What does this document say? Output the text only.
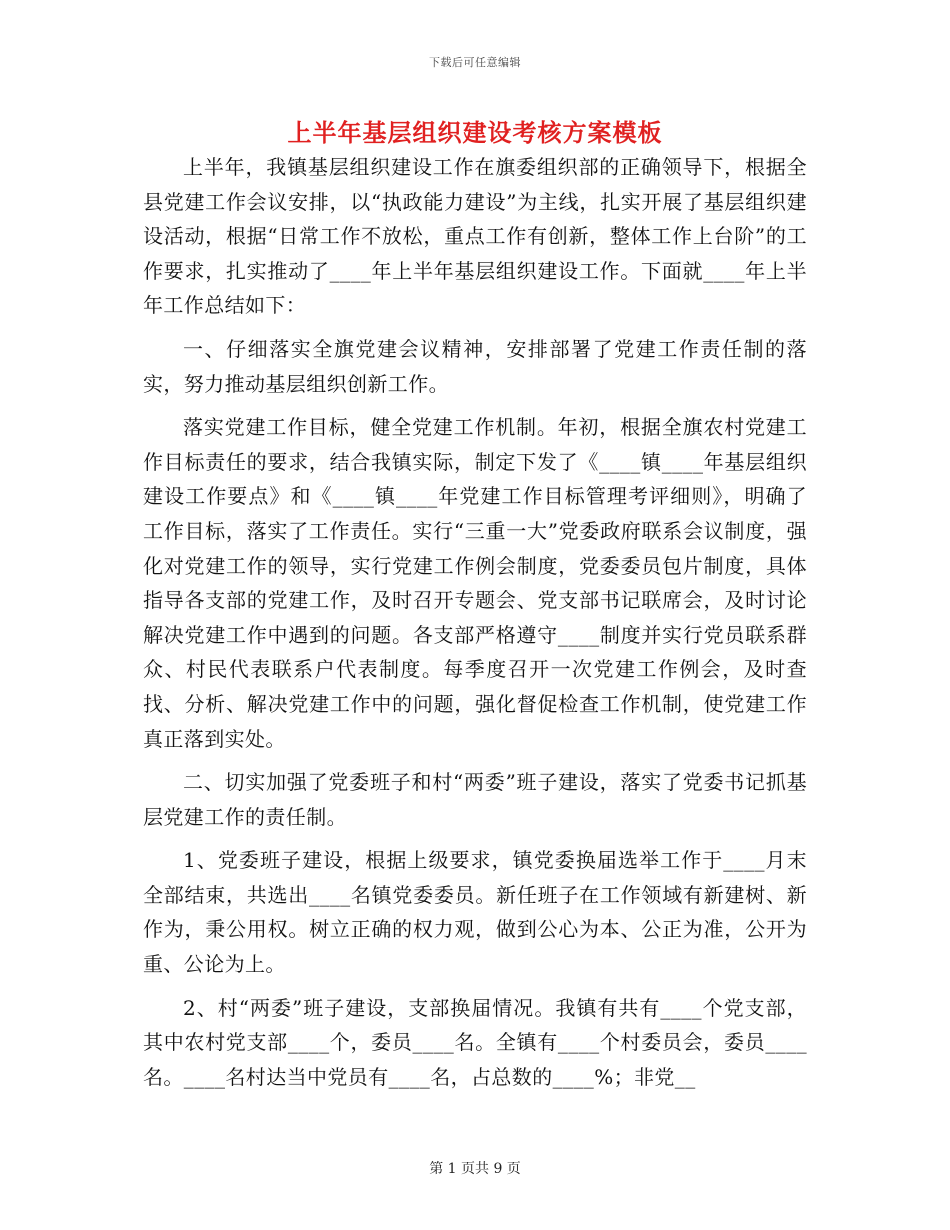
下载后可任意编辑
上半年基层组织建设考核方案模板

上半年，我镇基层组织建设工作在旗委组织部的正确领导下，根据全县党建工作会议安排，以“执政能力建设”为主线，扎实开展了基层组织建设活动，根据“日常工作不放松，重点工作有创新，整体工作上台阶”的工作要求，扎实推动了____年上半年基层组织建设工作。下面就____年上半年工作总结如下：

一、仔细落实全旗党建会议精神，安排部署了党建工作责任制的落实，努力推动基层组织创新工作。

落实党建工作目标，健全党建工作机制。年初，根据全旗农村党建工作目标责任的要求，结合我镇实际，制定下发了《____镇____年基层组织建设工作要点》和《____镇____年党建工作目标管理考评细则》，明确了工作目标，落实了工作责任。实行“三重一大”党委政府联系会议制度，强化对党建工作的领导，实行党建工作例会制度，党委委员包片制度，具体指导各支部的党建工作，及时召开专题会、党支部书记联席会，及时讨论解决党建工作中遇到的问题。各支部严格遵守____制度并实行党员联系群众、村民代表联系户代表制度。每季度召开一次党建工作例会，及时查找、分析、解决党建工作中的问题，强化督促检查工作机制，使党建工作真正落到实处。

二、切实加强了党委班子和村“两委”班子建设，落实了党委书记抓基层党建工作的责任制。

1、党委班子建设，根据上级要求，镇党委换届选举工作于____月末全部结束，共选出____名镇党委委员。新任班子在工作领域有新建树、新作为，秉公用权。树立正确的权力观，做到公心为本、公正为准，公开为重、公论为上。

2、村“两委”班子建设，支部换届情况。我镇有共有____个党支部，其中农村党支部____个，委员____名。全镇有____个村委员会，委员____名。____名村达当中党员有____名，占总数的____%；非党__

第 1 页共 9 页
